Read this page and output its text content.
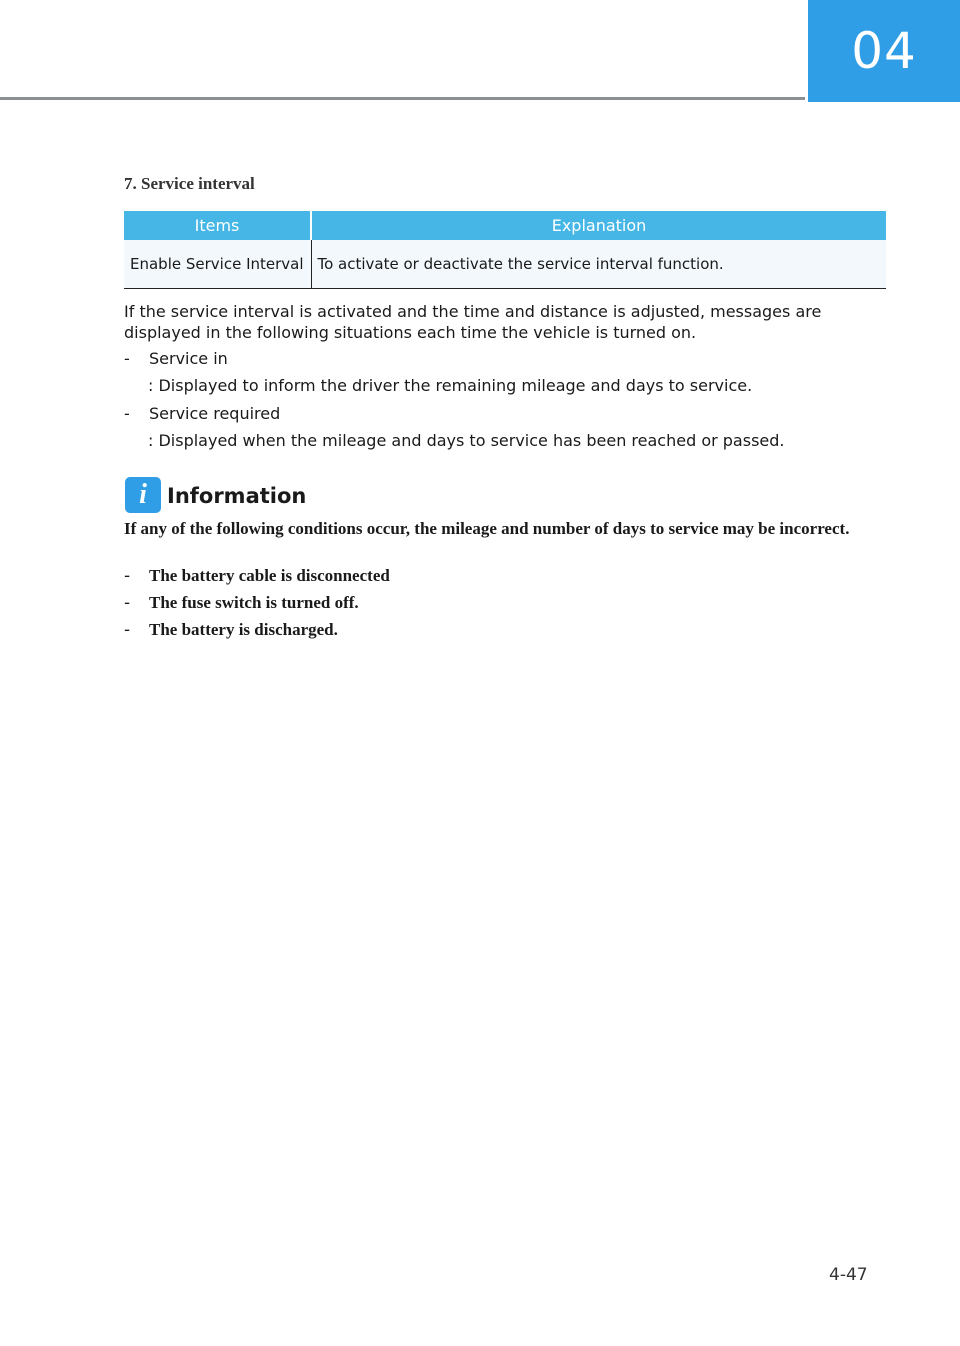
04
7. Service interval
Items	Explanation
Enable Service Interval	To activate or deactivate the service interval function.
If the service interval is activated and the time and distance is adjusted, messages are displayed in the following situations each time the vehicle is turned on.
- Service in
: Displayed to inform the driver the remaining mileage and days to service.
- Service required
: Displayed when the mileage and days to service has been reached or passed.
i Information
If any of the following conditions occur, the mileage and number of days to service may be incorrect.
- The battery cable is disconnected
- The fuse switch is turned off.
- The battery is discharged.
4-47
